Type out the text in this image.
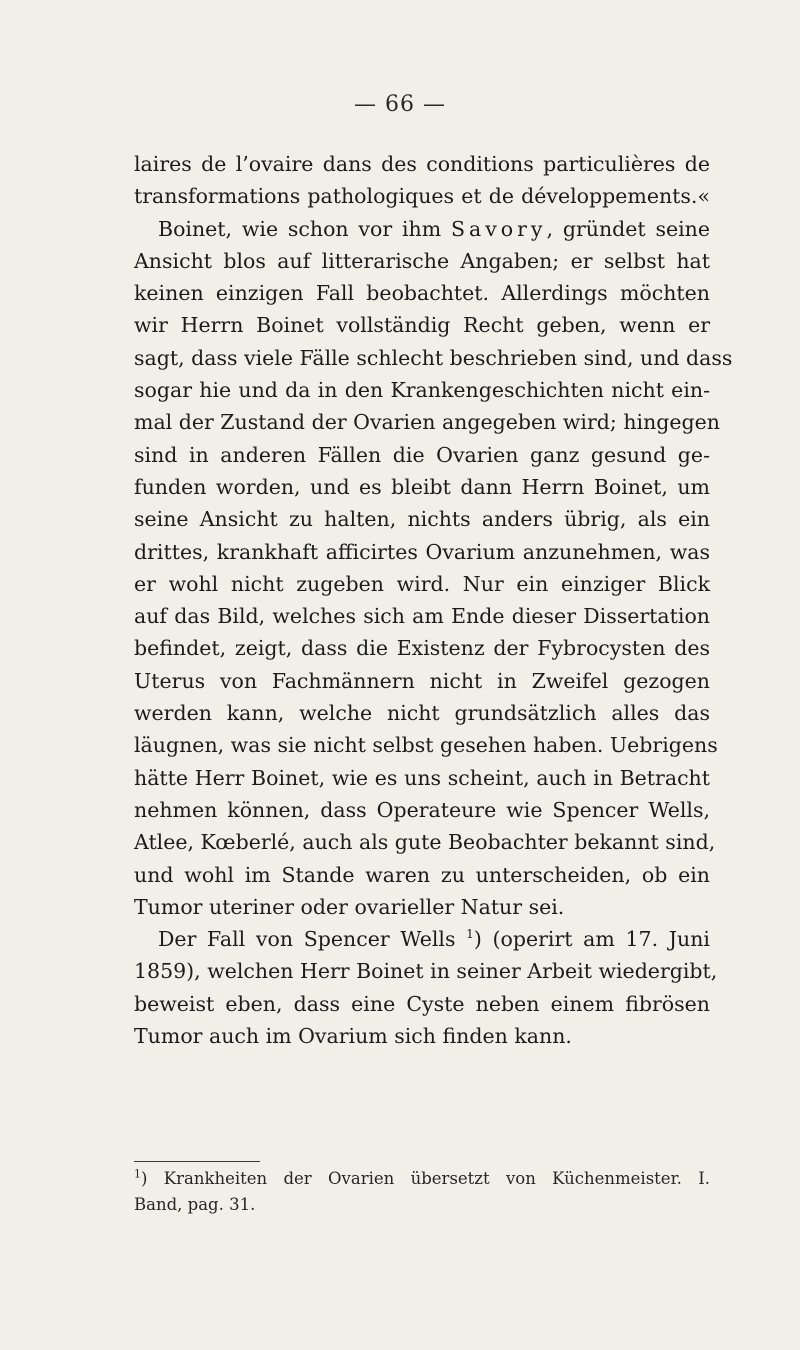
— 66 —
laires de l’ovaire dans des conditions particulières de
transformations pathologiques et de développements.«
Boinet, wie schon vor ihm Savory, gründet seine
Ansicht blos auf litterarische Angaben; er selbst hat
keinen einzigen Fall beobachtet. Allerdings möchten
wir Herrn Boinet vollständig Recht geben, wenn er
sagt, dass viele Fälle schlecht beschrieben sind, und dass
sogar hie und da in den Krankengeschichten nicht ein-
mal der Zustand der Ovarien angegeben wird; hingegen
sind in anderen Fällen die Ovarien ganz gesund ge-
funden worden, und es bleibt dann Herrn Boinet, um
seine Ansicht zu halten, nichts anders übrig, als ein
drittes, krankhaft afficirtes Ovarium anzunehmen, was
er wohl nicht zugeben wird. Nur ein einziger Blick
auf das Bild, welches sich am Ende dieser Dissertation
befindet, zeigt, dass die Existenz der Fybrocysten des
Uterus von Fachmännern nicht in Zweifel gezogen
werden kann, welche nicht grundsätzlich alles das
läugnen, was sie nicht selbst gesehen haben. Uebrigens
hätte Herr Boinet, wie es uns scheint, auch in Betracht
nehmen können, dass Operateure wie Spencer Wells,
Atlee, Kœberlé, auch als gute Beobachter bekannt sind,
und wohl im Stande waren zu unterscheiden, ob ein
Tumor uteriner oder ovarieller Natur sei.
Der Fall von Spencer Wells $^1$) (operirt am 17. Juni
1859), welchen Herr Boinet in seiner Arbeit wiedergibt,
beweist eben, dass eine Cyste neben einem fibrösen
Tumor auch im Ovarium sich finden kann.
$^1$) Krankheiten der Ovarien übersetzt von Küchenmeister. I.
Band, pag. 31.
